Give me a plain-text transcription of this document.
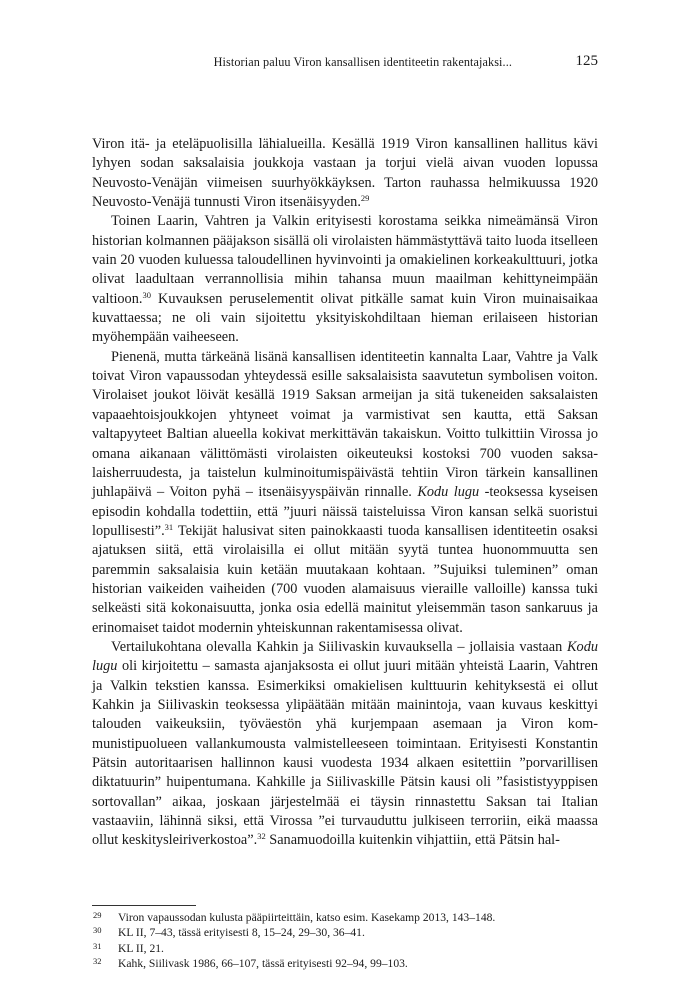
Historian paluu Viron kansallisen identiteetin rakentajaksi...	125

Viron itä- ja eteläpuolisilla lähialueilla. Kesällä 1919 Viron kansallinen hallitus kävi lyhyen sodan saksalaisia joukkoja vastaan ja torjui vielä aivan vuoden lopussa Neuvosto-Venäjän viimeisen suurhyökkäyksen. Tarton rauhassa helmikuussa 1920 Neuvosto-Venäjä tunnusti Viron itsenäisyyden.$^{29}$

Toinen Laarin, Vahtren ja Valkin erityisesti korostama seikka nimeämänsä Viron historian kolmannen pääjakson sisällä oli virolaisten hämmästyttävä taito luoda itselleen vain 20 vuoden kuluessa taloudellinen hyvinvointi ja omakielinen korkeakulttuuri, jotka olivat laadultaan verrannollisia mihin tahansa muun maailman kehittyneimpään valtioon.$^{30}$ Kuvauksen peruselementit olivat pitkälle samat kuin Viron muinaisaikaa kuvattaessa; ne oli vain sijoitettu yksityiskohdiltaan hieman erilaiseen historian myöhempään vaiheeseen.

Pienenä, mutta tärkeänä lisänä kansallisen identiteetin kannalta Laar, Vahtre ja Valk toivat Viron vapaussodan yhteydessä esille saksalaisista saavutetun symbolisen voiton. Virolaiset joukot löivät kesällä 1919 Saksan armeijan ja sitä tukeneiden saksalaisten vapaaehtoisjoukkojen yhtyneet voimat ja varmistivat sen kautta, että Saksan valtapyyteet Baltian alueella kokivat merkittävän takaiskun. Voitto tulkittiin Virossa jo omana aikanaan välittömästi virolaisten oikeuteuksi kostoksi 700 vuoden saksalaisherruudesta, ja taistelun kulminoitumispäivästä tehtiin Viron tärkein kansallinen juhlapäivä – Voiton pyhä – itsenäisyyspäivän rinnalle. Kodu lugu -teoksessa kyseisen episodin kohdalla todettiin, että ”juuri näissä taisteluissa Viron kansan selkä suoristui lopullisesti”.$^{31}$ Tekijät halusivat siten painokkaasti tuoda kansallisen identiteetin osaksi ajatuksen siitä, että virolaisilla ei ollut mitään syytä tuntea huonommuutta sen paremmin saksalaisia kuin ketään muutakaan kohtaan. ”Sujuiksi tuleminen” oman historian vaikeiden vaiheiden (700 vuoden alamaisuus vieraille valloille) kanssa tuki selkeästi sitä kokonaisuutta, jonka osia edellä mainitut yleisemmän tason sankaruus ja erinomaiset taidot modernin yhteiskunnan rakentamisessa olivat.

Vertailukohtana olevalla Kahkin ja Siilivaskin kuvauksella – jollaisia vastaan Kodu lugu oli kirjoitettu – samasta ajanjaksosta ei ollut juuri mitään yhteistä Laarin, Vahtren ja Valkin tekstien kanssa. Esimerkiksi omakielisen kulttuurin kehityksestä ei ollut Kahkin ja Siilivaskin teoksessa ylipäätään mitään mainintoja, vaan kuvaus keskittyi talouden vaikeuksiin, työväestön yhä kurjempaan asemaan ja Viron kommunistipuolueen vallankumousta valmistelleeseen toimintaan. Erityisesti Konstantin Pätsin autoritaarisen hallinnon kausi vuodesta 1934 alkaen esitettiin ”porvarillisen diktatuurin” huipentumana. Kahkille ja Siilivaskille Pätsin kausi oli ”fasististyyppisen sortovallan” aikaa, joskaan järjestelmää ei täysin rinnastettu Saksan tai Italian vastaaviin, lähinnä siksi, että Virossa ”ei turvauduttu julkiseen terroriin, eikä maassa ollut keskitysleiriverkostoa”.$^{32}$ Sanamuodoilla kuitenkin vihjattiin, että Pätsin hal-

29 Viron vapaussodan kulusta pääpiirteittäin, katso esim. Kasekamp 2013, 143–148.
30 KL II, 7–43, tässä erityisesti 8, 15–24, 29–30, 36–41.
31 KL II, 21.
32 Kahk, Siilivask 1986, 66–107, tässä erityisesti 92–94, 99–103.
